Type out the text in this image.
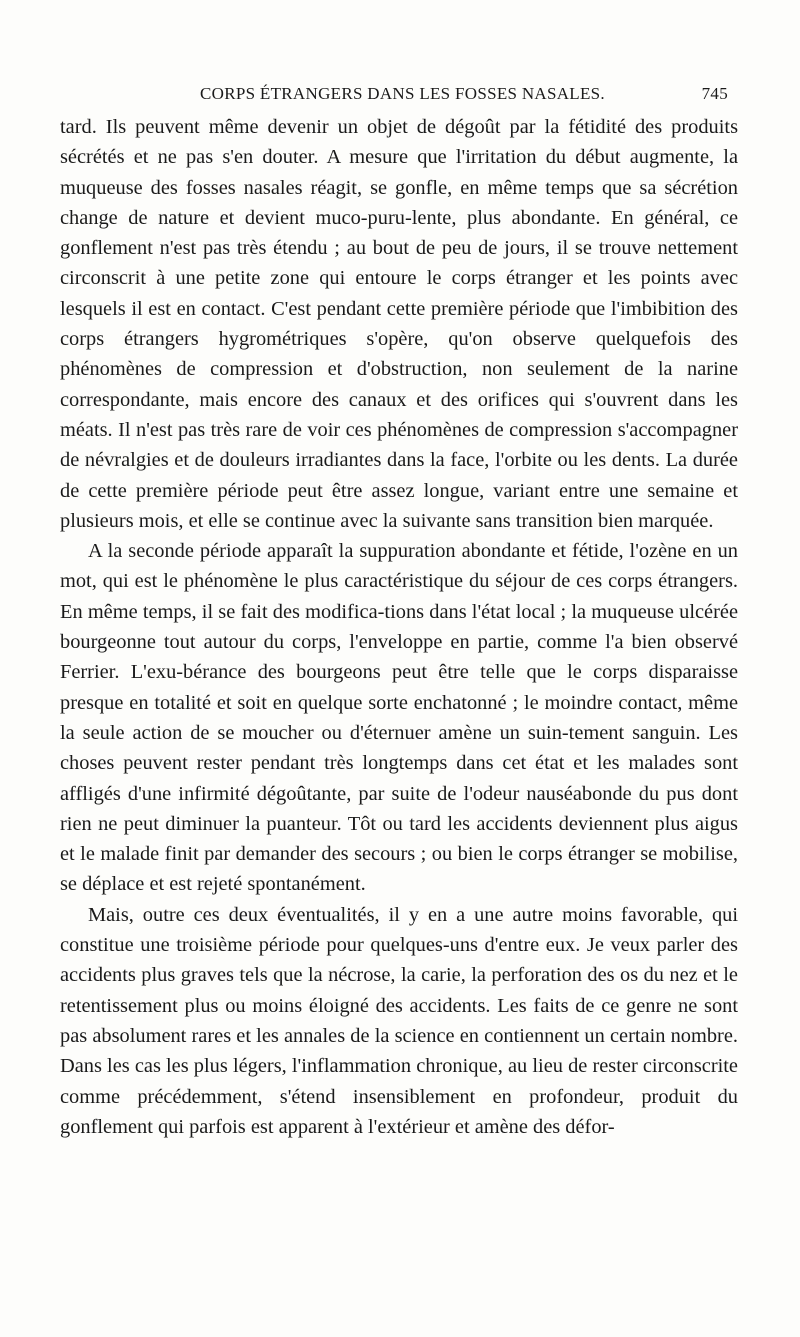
CORPS ÉTRANGERS DANS LES FOSSES NASALES.	745

tard. Ils peuvent même devenir un objet de dégoût par la fétidité des produits sécrétés et ne pas s'en douter. A mesure que l'irritation du début augmente, la muqueuse des fosses nasales réagit, se gonfle, en même temps que sa sécrétion change de nature et devient muco-puru-lente, plus abondante. En général, ce gonflement n'est pas très étendu ; au bout de peu de jours, il se trouve nettement circonscrit à une petite zone qui entoure le corps étranger et les points avec lesquels il est en contact. C'est pendant cette première période que l'imbibition des corps étrangers hygrométriques s'opère, qu'on observe quelquefois des phénomènes de compression et d'obstruction, non seulement de la narine correspondante, mais encore des canaux et des orifices qui s'ouvrent dans les méats. Il n'est pas très rare de voir ces phénomènes de compression s'accompagner de névralgies et de douleurs irradiantes dans la face, l'orbite ou les dents. La durée de cette première période peut être assez longue, variant entre une semaine et plusieurs mois, et elle se continue avec la suivante sans transition bien marquée.

A la seconde période apparaît la suppuration abondante et fétide, l'ozène en un mot, qui est le phénomène le plus caractéristique du séjour de ces corps étrangers. En même temps, il se fait des modifica-tions dans l'état local ; la muqueuse ulcérée bourgeonne tout autour du corps, l'enveloppe en partie, comme l'a bien observé Ferrier. L'exu-bérance des bourgeons peut être telle que le corps disparaisse presque en totalité et soit en quelque sorte enchatonné ; le moindre contact, même la seule action de se moucher ou d'éternuer amène un suin-tement sanguin. Les choses peuvent rester pendant très longtemps dans cet état et les malades sont affligés d'une infirmité dégoûtante, par suite de l'odeur nauséabonde du pus dont rien ne peut diminuer la puanteur. Tôt ou tard les accidents deviennent plus aigus et le malade finit par demander des secours ; ou bien le corps étranger se mobilise, se déplace et est rejeté spontanément.

Mais, outre ces deux éventualités, il y en a une autre moins favorable, qui constitue une troisième période pour quelques-uns d'entre eux. Je veux parler des accidents plus graves tels que la nécrose, la carie, la perforation des os du nez et le retentissement plus ou moins éloigné des accidents. Les faits de ce genre ne sont pas absolument rares et les annales de la science en contiennent un certain nombre. Dans les cas les plus légers, l'inflammation chronique, au lieu de rester circonscrite comme précédemment, s'étend insensiblement en profondeur, produit du gonflement qui parfois est apparent à l'extérieur et amène des défor-
